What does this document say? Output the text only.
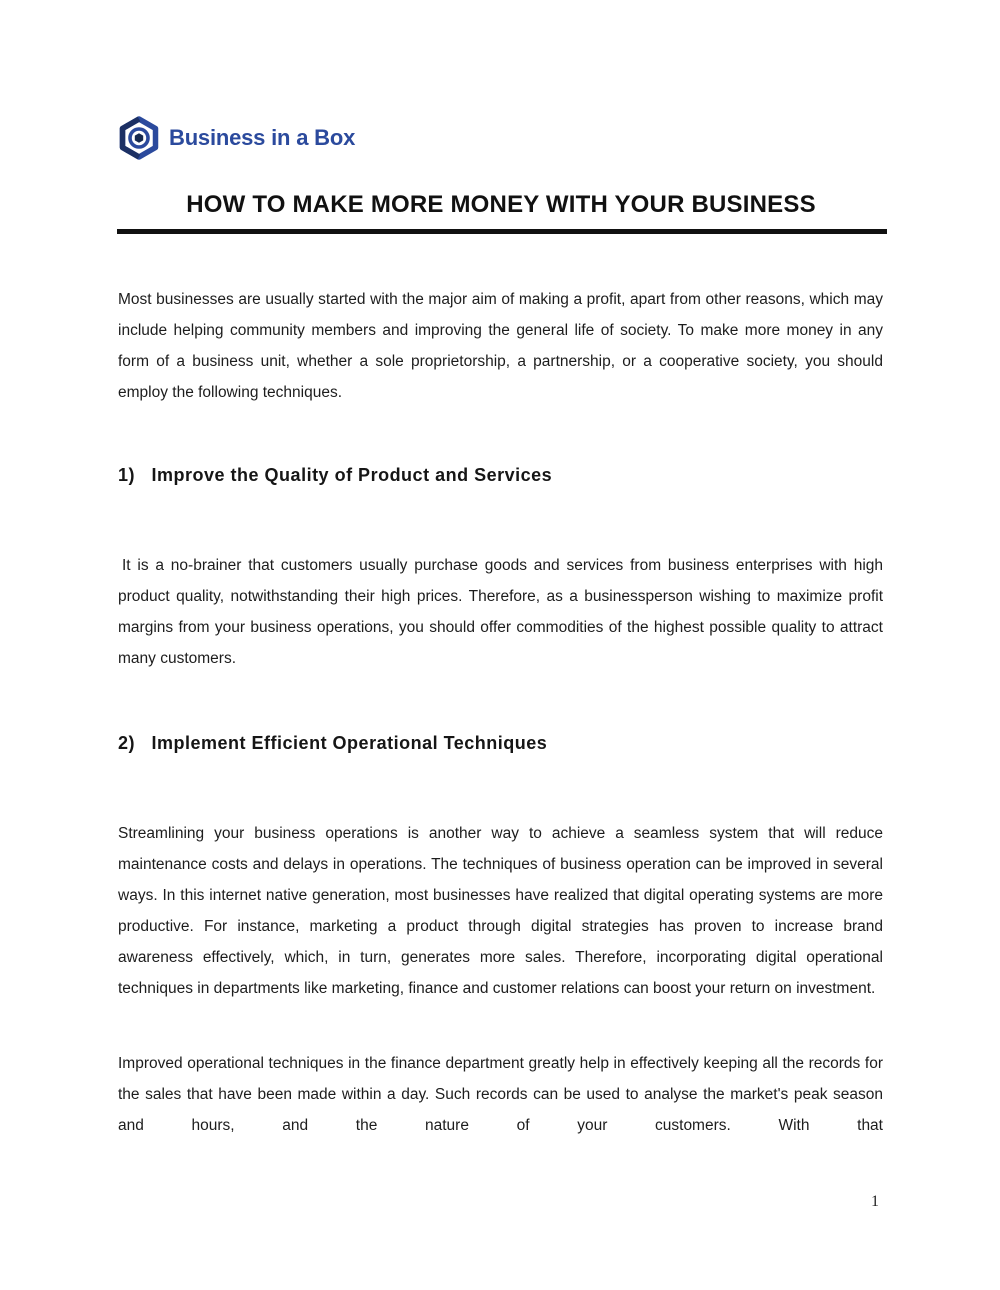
Business in a Box
HOW TO MAKE MORE MONEY WITH YOUR BUSINESS

Most businesses are usually started with the major aim of making a profit, apart from other reasons, which may include helping community members and improving the general life of society. To make more money in any form of a business unit, whether a sole proprietorship, a partnership, or a cooperative society, you should employ the following techniques.

1) Improve the Quality of Product and Services

It is a no-brainer that customers usually purchase goods and services from business enterprises with high product quality, notwithstanding their high prices. Therefore, as a businessperson wishing to maximize profit margins from your business operations, you should offer commodities of the highest possible quality to attract many customers.

2) Implement Efficient Operational Techniques

Streamlining your business operations is another way to achieve a seamless system that will reduce maintenance costs and delays in operations. The techniques of business operation can be improved in several ways. In this internet native generation, most businesses have realized that digital operating systems are more productive. For instance, marketing a product through digital strategies has proven to increase brand awareness effectively, which, in turn, generates more sales. Therefore, incorporating digital operational techniques in departments like marketing, finance and customer relations can boost your return on investment.

Improved operational techniques in the finance department greatly help in effectively keeping all the records for the sales that have been made within a day. Such records can be used to analyse the market's peak season and hours, and the nature of your customers. With that

1
